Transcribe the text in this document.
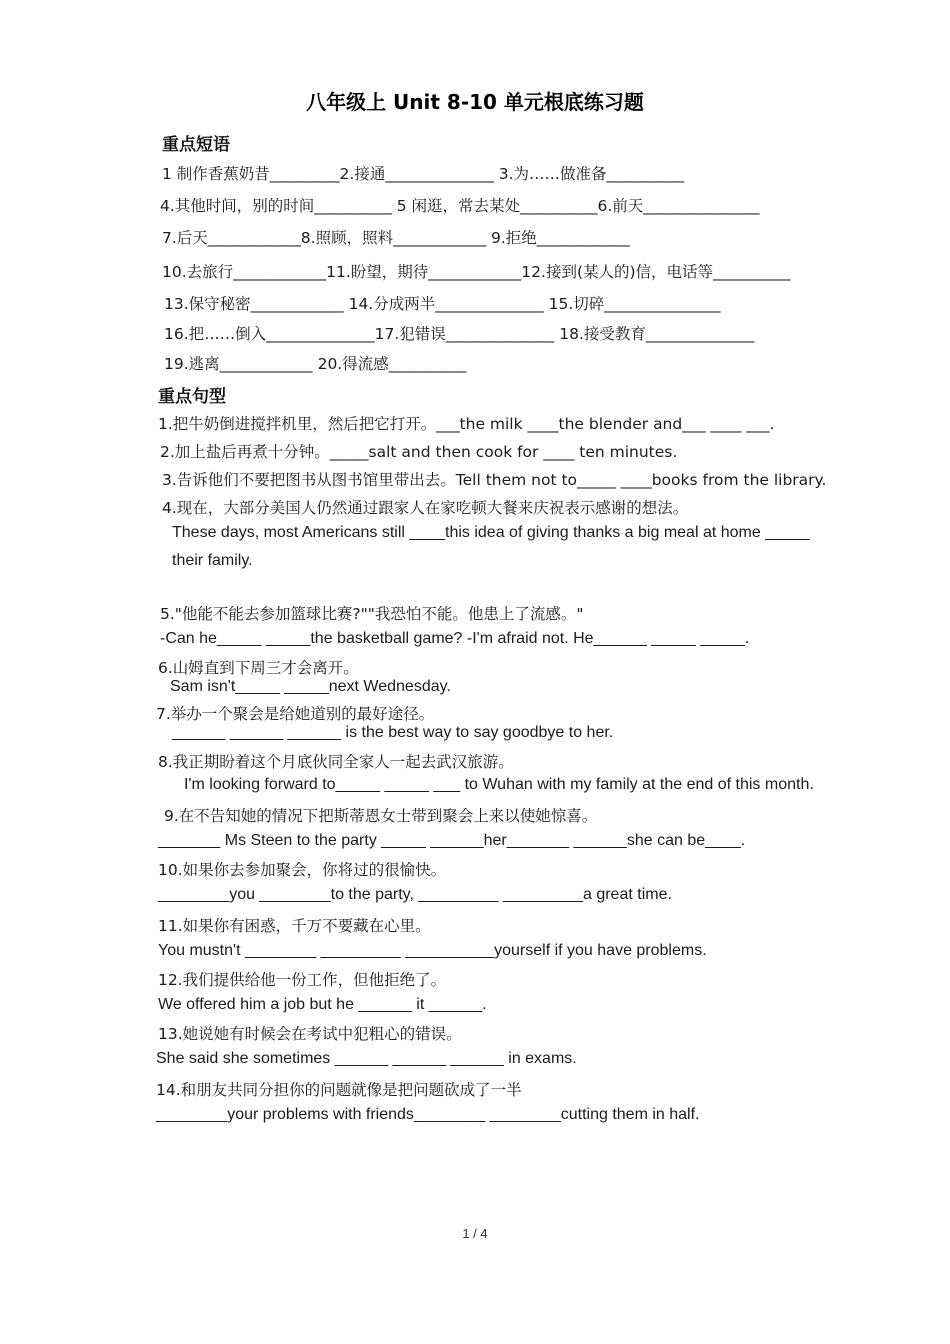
八年级上 Unit 8-10 单元根底练习题
重点短语
1 制作香蕉奶昔_________2.接通______________ 3.为……做准备__________
4.其他时间，别的时间__________ 5 闲逛，常去某处__________6.前天_______________
7.后天____________8.照顾，照料____________ 9.拒绝____________
10.去旅行____________11.盼望，期待____________12.接到(某人的)信，电话等__________
13.保守秘密____________ 14.分成两半______________ 15.切碎_______________
16.把……倒入______________17.犯错误______________ 18.接受教育______________
19.逃离____________ 20.得流感__________
重点句型
1.把牛奶倒进搅拌机里，然后把它打开。___the milk ____the blender and___ ____ ___.
2.加上盐后再煮十分钟。_____salt and then cook for ____ ten minutes.
3.告诉他们不要把图书从图书馆里带出去。Tell them not to_____ ____books from the library.
4.现在，大部分美国人仍然通过跟家人在家吃顿大餐来庆祝表示感谢的想法。
These days, most Americans still ____this idea of giving thanks a big meal at home _____
their family.
5."他能不能去参加篮球比赛?""我恐怕不能。他患上了流感。"
-Can he_____ _____the basketball game? -I'm afraid not. He______ _____ _____.
6.山姆直到下周三才会离开。
Sam isn't_____ _____next Wednesday.
7.举办一个聚会是给她道别的最好途径。
______ ______ ______ is the best way to say goodbye to her.
8.我正期盼着这个月底伙同全家人一起去武汉旅游。
I'm looking forward to_____ _____ ___ to Wuhan with my family at the end of this month.
9.在不告知她的情况下把斯蒂恩女士带到聚会上来以使她惊喜。
_______ Ms Steen to the party _____ ______her_______ ______she can be____.
10.如果你去参加聚会，你将过的很愉快。
________you ________to the party, _________ _________a great time.
11.如果你有困惑，千万不要藏在心里。
You mustn't ________ _________ __________yourself if you have problems.
12.我们提供给他一份工作，但他拒绝了。
We offered him a job but he ______ it ______.
13.她说她有时候会在考试中犯粗心的错误。
She said she sometimes ______ ______ ______ in exams.
14.和朋友共同分担你的问题就像是把问题砍成了一半
________your problems with friends________ ________cutting them in half.
1 / 4
